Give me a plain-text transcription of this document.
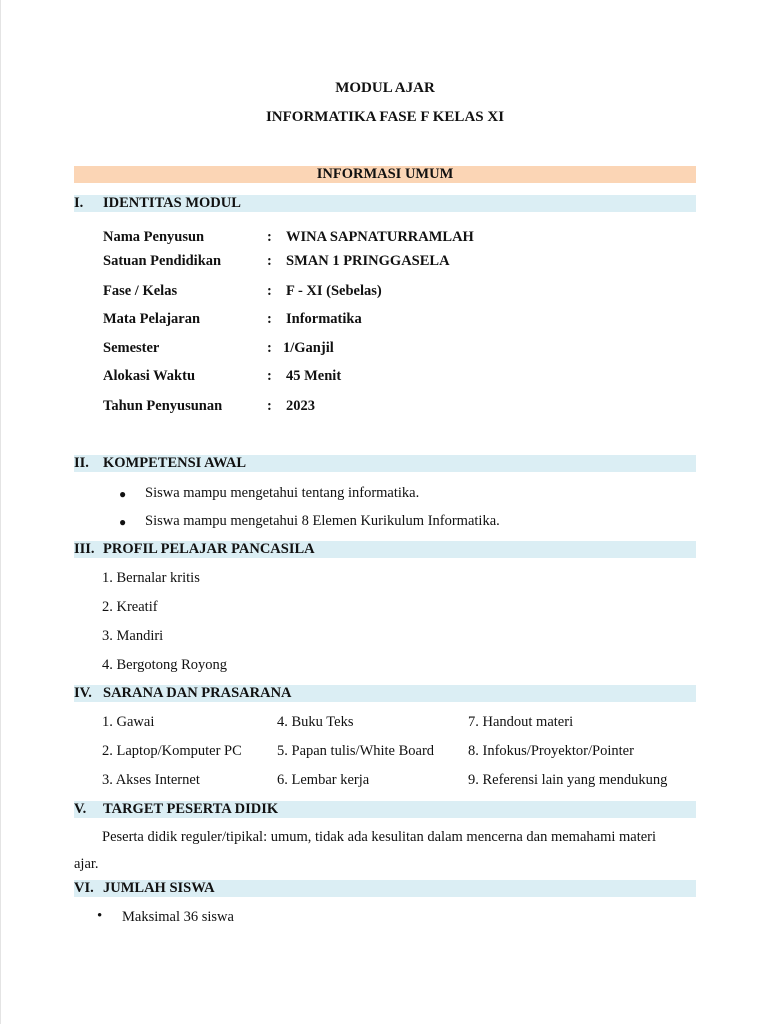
MODUL AJAR
INFORMATIKA FASE F KELAS XI
INFORMASI UMUM
I. IDENTITAS MODUL
Nama Penyusun	: WINA SAPNATURRAMLAH
Satuan Pendidikan	: SMAN 1 PRINGGASELA
Fase / Kelas	: F - XI (Sebelas)
Mata Pelajaran	: Informatika
Semester	: 1/Ganjil
Alokasi Waktu	: 45 Menit
Tahun Penyusunan	: 2023
II. KOMPETENSI AWAL
● Siswa mampu mengetahui tentang informatika.
● Siswa mampu mengetahui 8 Elemen Kurikulum Informatika.
III. PROFIL PELAJAR PANCASILA
1. Bernalar kritis
2. Kreatif
3. Mandiri
4. Bergotong Royong
IV. SARANA DAN PRASARANA
1. Gawai	4. Buku Teks	7. Handout materi
2. Laptop/Komputer PC 5. Papan tulis/White Board 8. Infokus/Proyektor/Pointer
3. Akses Internet	6. Lembar kerja	9. Referensi lain yang mendukung
V. TARGET PESERTA DIDIK
Peserta didik reguler/tipikal: umum, tidak ada kesulitan dalam mencerna dan memahami materi
ajar.
VI. JUMLAH SISWA
• Maksimal 36 siswa
